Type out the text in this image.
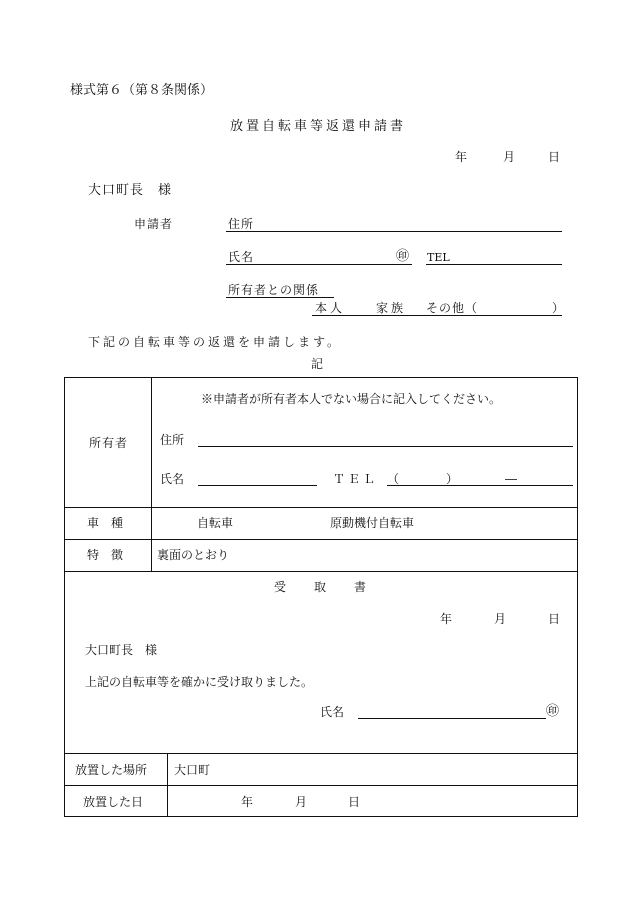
様式第６（第８条関係）
放置自転車等返還申請書
年	月	日
大口町長　様
申請者	住所
氏名	㊞ TEL
所有者との関係
本人	家族 その他（	）
下記の自転車等の返還を申請します。
記
所有者
※申請者が所有者本人でない場合に記入してください。
住所
氏名	ＴＥＬ （	）	―
車　種	自転車	原動機付自転車
特　徴	裏面のとおり
受　取　書
年	月	日
大口町長　様
上記の自転車等を確かに受け取りました。
氏名	㊞
放置した場所 大口町
放置した日	年	月	日
